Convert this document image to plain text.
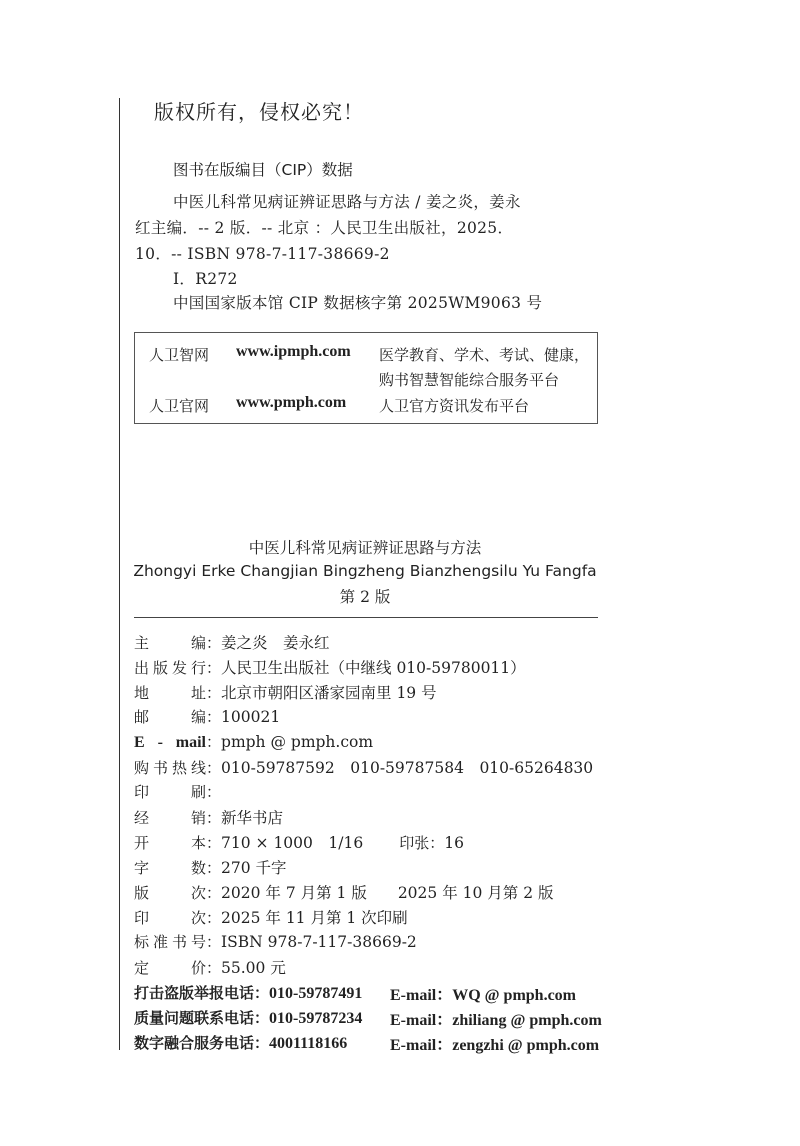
版权所有，侵权必究！
图书在版编目（CIP）数据
中医儿科常见病证辨证思路与方法 / 姜之炎，姜永
红主编．-- 2 版．-- 北京 ：人民卫生出版社，2025．
10．-- ISBN 978-7-117-38669-2
Ⅰ．R272
中国国家版本馆 CIP 数据核字第 2025WM9063 号
人卫智网 www.ipmph.com 医学教育、学术、考试、健康，
购书智慧智能综合服务平台
人卫官网 www.pmph.com 人卫官方资讯发布平台
中医儿科常见病证辨证思路与方法
Zhongyi Erke Changjian Bingzheng Bianzhengsilu Yu Fangfa
第 2 版
主　　编 ： 姜之炎　姜永红
出版发行 ： 人民卫生出版社（中继线 010-59780011）
地　　址 ： 北京市朝阳区潘家园南里 19 号
邮　　编 ： 100021
E - mail ： pmph @ pmph.com
购书热线 ： 010-59787592　010-59787584　010-65264830
印　　刷 ：
经　　销 ： 新华书店
开　　本 ： 710 × 1000　1/16 印张： 16
字　　数 ： 270 千字
版　　次 ： 2020 年 7 月第 1 版　　2025 年 10 月第 2 版
印　　次 ： 2025 年 11 月第 1 次印刷
标准书号 ： ISBN 978-7-117-38669-2
定　　价 ： 55.00 元
打击盗版举报电话：010-59787491 E-mail：WQ @ pmph.com
质量问题联系电话：010-59787234 E-mail：zhiliang @ pmph.com
数字融合服务电话：4001118166	E-mail：zengzhi @ pmph.com
